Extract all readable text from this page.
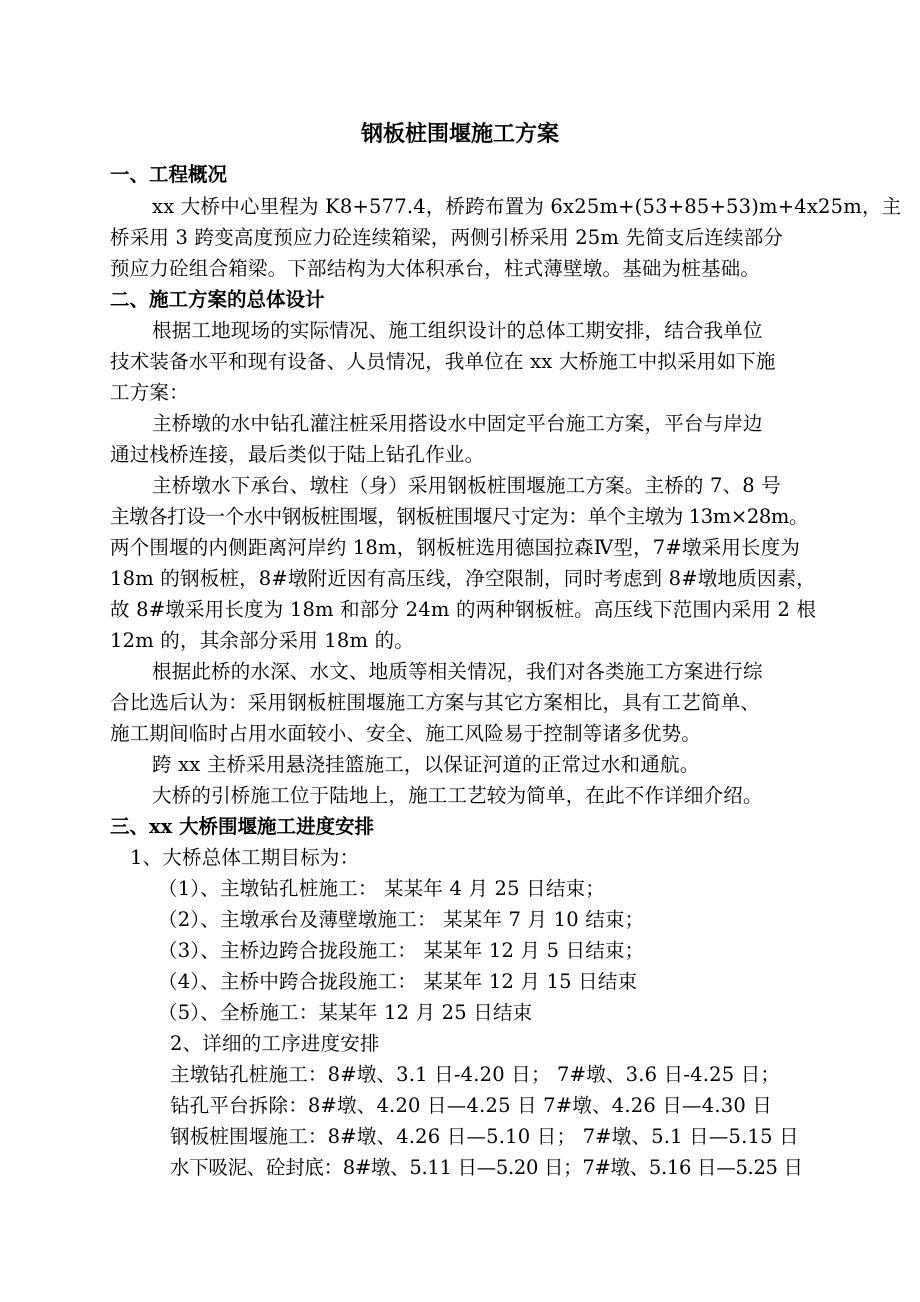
钢板桩围堰施工方案
一、工程概况
xx 大桥中心里程为 K8+577.4，桥跨布置为 6x25m+(53+85+53)m+4x25m，主
桥采用 3 跨变高度预应力砼连续箱梁，两侧引桥采用 25m 先简支后连续部分
预应力砼组合箱梁。下部结构为大体积承台，柱式薄壁墩。基础为桩基础。
二、施工方案的总体设计
根据工地现场的实际情况、施工组织设计的总体工期安排，结合我单位
技术装备水平和现有设备、人员情况，我单位在 xx 大桥施工中拟采用如下施
工方案：
主桥墩的水中钻孔灌注桩采用搭设水中固定平台施工方案，平台与岸边
通过栈桥连接，最后类似于陆上钻孔作业。
主桥墩水下承台、墩柱（身）采用钢板桩围堰施工方案。主桥的 7、8 号
主墩各打设一个水中钢板桩围堰，钢板桩围堰尺寸定为：单个主墩为 13m×28m。
两个围堰的内侧距离河岸约 18m，钢板桩选用德国拉森Ⅳ型，7#墩采用长度为
18m 的钢板桩，8#墩附近因有高压线，净空限制，同时考虑到 8#墩地质因素，
故 8#墩采用长度为 18m 和部分 24m 的两种钢板桩。高压线下范围内采用 2 根
12m 的，其余部分采用 18m 的。
根据此桥的水深、水文、地质等相关情况，我们对各类施工方案进行综
合比选后认为：采用钢板桩围堰施工方案与其它方案相比，具有工艺简单、
施工期间临时占用水面较小、安全、施工风险易于控制等诸多优势。
跨 xx 主桥采用悬浇挂篮施工，以保证河道的正常过水和通航。
大桥的引桥施工位于陆地上，施工工艺较为简单，在此不作详细介绍。
三、xx 大桥围堰施工进度安排
1、大桥总体工期目标为：
（1）、主墩钻孔桩施工： 某某年 4 月 25 日结束；
（2）、主墩承台及薄壁墩施工： 某某年 7 月 10 结束；
（3）、主桥边跨合拢段施工： 某某年 12 月 5 日结束；
（4）、主桥中跨合拢段施工： 某某年 12 月 15 日结束
（5）、全桥施工：某某年 12 月 25 日结束
2、详细的工序进度安排
主墩钻孔桩施工：8#墩、3.1 日-4.20 日； 7#墩、3.6 日-4.25 日；
钻孔平台拆除：8#墩、4.20 日—4.25 日 7#墩、4.26 日—4.30 日
钢板桩围堰施工：8#墩、4.26 日—5.10 日； 7#墩、5.1 日—5.15 日
水下吸泥、砼封底：8#墩、5.11 日—5.20 日；7#墩、5.16 日—5.25 日
